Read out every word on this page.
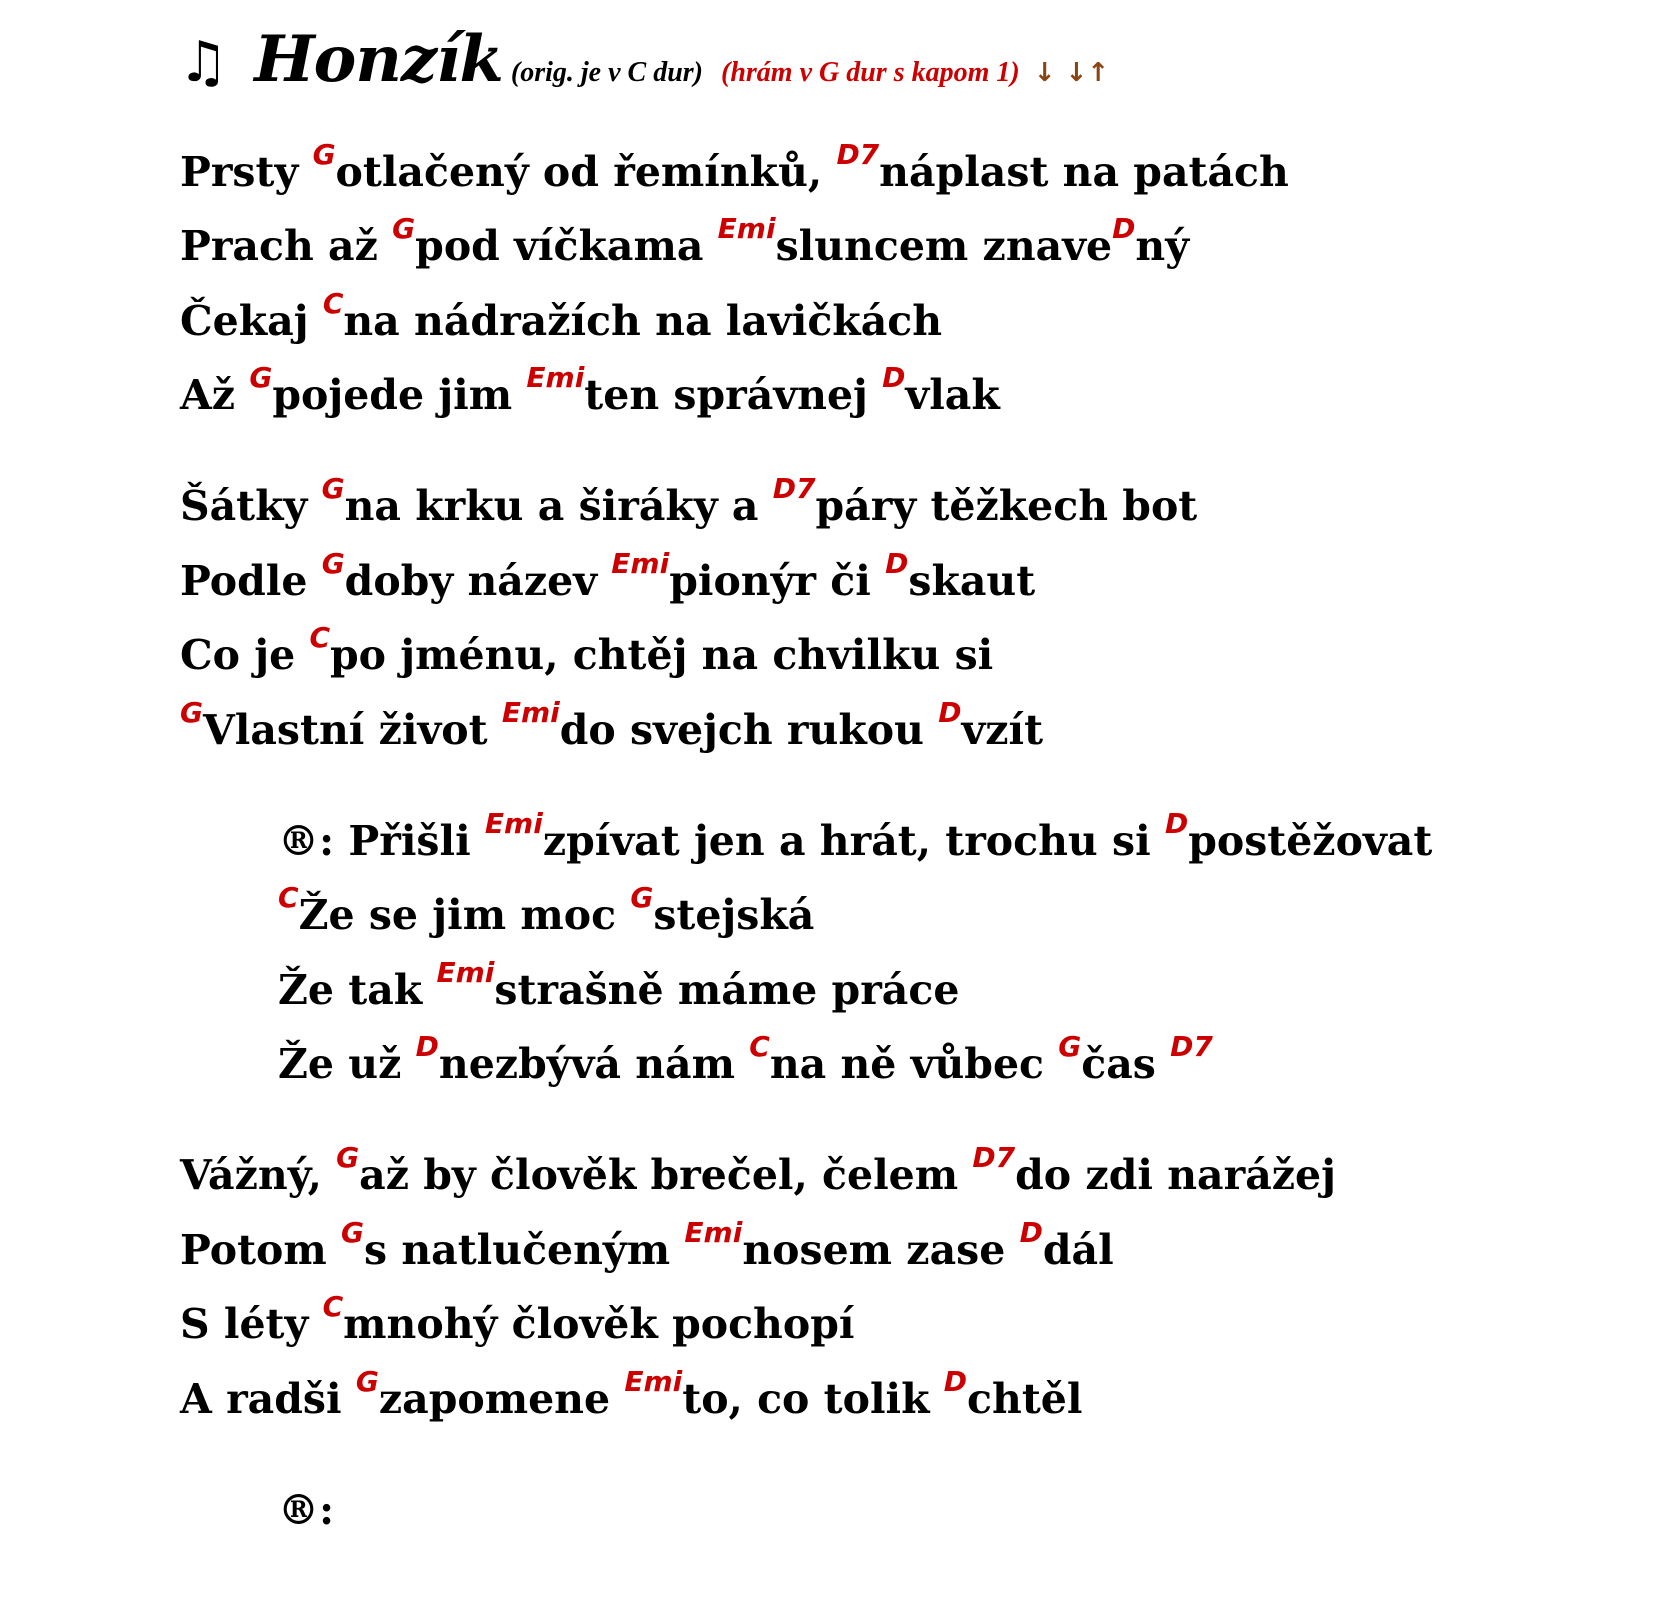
♫ Honzík (orig. je v C dur) (hrám v G dur s kapom 1) ↓ ↓↑
Prsty $^G$otlačený od řemínků, $^{D7}$náplast na patách
Prach až $^G$pod víčkama $^{Emi}$sluncem znave$^D$ný
Čekaj $^C$na nádražích na lavičkách
Až $^G$pojede jim $^{Emi}$ten správnej $^D$vlak
Šátky $^G$na krku a širáky a $^{D7}$páry těžkech bot
Podle $^G$doby název $^{Emi}$pionýr či $^D$skaut
Co je $^C$po jménu, chtěj na chvilku si
$^G$Vlastní život $^{Emi}$do svejch rukou $^D$vzít
®: Přišli $^{Emi}$zpívat jen a hrát, trochu si $^D$postěžovat
$^C$Že se jim moc $^G$stejská
Že tak $^{Emi}$strašně máme práce
Že už $^D$nezbývá nám $^C$na ně vůbec $^G$čas $^{D7}$
Vážný, $^G$až by člověk brečel, čelem $^{D7}$do zdi narážej
Potom $^G$s natlučeným $^{Emi}$nosem zase $^D$dál
S léty $^C$mnohý člověk pochopí
A radši $^G$zapomene $^{Emi}$to, co tolik $^D$chtěl
®:
